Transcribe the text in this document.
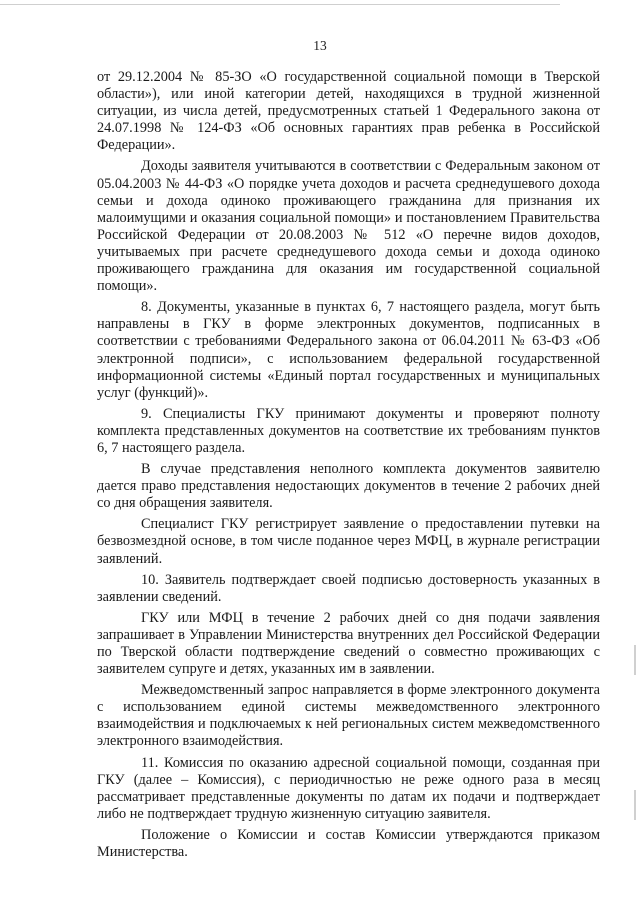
13

от 29.12.2004 № 85-ЗО «О государственной социальной помощи в Тверской области»), или иной категории детей, находящихся в трудной жизненной ситуации, из числа детей, предусмотренных статьей 1 Федерального закона от 24.07.1998 № 124-ФЗ «Об основных гарантиях прав ребенка в Российской Федерации».

Доходы заявителя учитываются в соответствии с Федеральным законом от 05.04.2003 № 44-ФЗ «О порядке учета доходов и расчета среднедушевого дохода семьи и дохода одиноко проживающего гражданина для признания их малоимущими и оказания социальной помощи» и постановлением Правительства Российской Федерации от 20.08.2003 № 512 «О перечне видов доходов, учитываемых при расчете среднедушевого дохода семьи и дохода одиноко проживающего гражданина для оказания им государственной социальной помощи».

8. Документы, указанные в пунктах 6, 7 настоящего раздела, могут быть направлены в ГКУ в форме электронных документов, подписанных в соответствии с требованиями Федерального закона от 06.04.2011 № 63-ФЗ «Об электронной подписи», с использованием федеральной государственной информационной системы «Единый портал государственных и муниципальных услуг (функций)».

9. Специалисты ГКУ принимают документы и проверяют полноту комплекта представленных документов на соответствие их требованиям пунктов 6, 7 настоящего раздела.

В случае представления неполного комплекта документов заявителю дается право представления недостающих документов в течение 2 рабочих дней со дня обращения заявителя.

Специалист ГКУ регистрирует заявление о предоставлении путевки на безвозмездной основе, в том числе поданное через МФЦ, в журнале регистрации заявлений.

10. Заявитель подтверждает своей подписью достоверность указанных в заявлении сведений.

ГКУ или МФЦ в течение 2 рабочих дней со дня подачи заявления запрашивает в Управлении Министерства внутренних дел Российской Федерации по Тверской области подтверждение сведений о совместно проживающих с заявителем супруге и детях, указанных им в заявлении.

Межведомственный запрос направляется в форме электронного документа с использованием единой системы межведомственного электронного взаимодействия и подключаемых к ней региональных систем межведомственного электронного взаимодействия.

11. Комиссия по оказанию адресной социальной помощи, созданная при ГКУ (далее – Комиссия), с периодичностью не реже одного раза в месяц рассматривает представленные документы по датам их подачи и подтверждает либо не подтверждает трудную жизненную ситуацию заявителя.

Положение о Комиссии и состав Комиссии утверждаются приказом Министерства.
